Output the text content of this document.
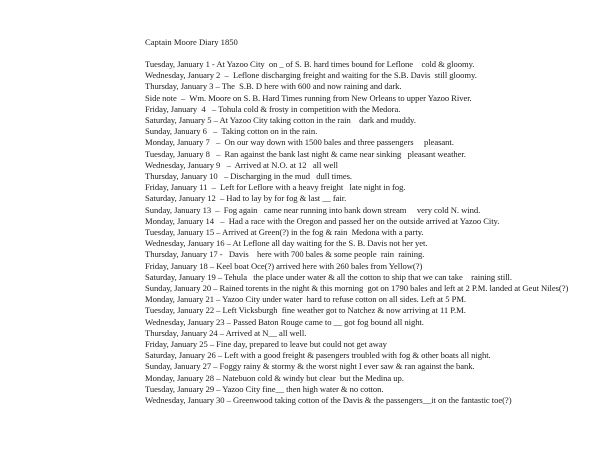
Captain Moore Diary 1850

Tuesday, January 1 - At Yazoo City  on _ of S. B. hard times bound for Leflone    cold & gloomy.

Wednesday, January 2  –  Leflone discharging freight and waiting for the S.B. Davis  still gloomy.

Thursday, January 3 – The  S.B. D here with 600 and now raining and dark.

Side note  –  Wm. Moore on S. B. Hard Times running from New Orleans to upper Yazoo River.

Friday, January  4   – Tohula cold & frosty in competition with the Medora.

Saturday, January 5 – At Yazoo City taking cotton in the rain    dark and muddy.

Sunday, January 6   –  Taking cotton on in the rain.

Monday, January 7   –  On our way down with 1500 bales and three passengers     pleasant.

Tuesday, January 8   –  Ran against the bank last night & came near sinking   pleasant weather.

Wednesday, January 9   –  Arrived at N.O. at 12   all well

Thursday, January 10   – Discharging in the mud   dull times.

Friday, January 11  –  Left for Leflore with a heavy freight   late night in fog.

Saturday, January 12  – Had to lay by for fog & last __ fair.

Sunday, January 13  –  Fog again   came near running into bank down stream     very cold N. wind.

Monday, January 14   –  Had a race with the Oregon and passed her on the outside arrived at Yazoo City.

Tuesday, January 15 – Arrived at Green(?) in the fog & rain  Medona with a party.

Wednesday, January 16 – At Leflone all day waiting for the S. B. Davis not her yet.

Thursday, January 17 -   Davis    here with 700 bales & some people  rain  raining.

Friday, January 18 – Keel boat Oce(?) arrived here with 260 bales from Yellow(?)

Saturday, January 19 – Tehula   the place under water & all the cotton to ship that we can take    raining still.

Sunday, January 20 – Rained torents in the night & this morning  got on 1790 bales and left at 2 P.M. landed at Geut Niles(?)

Monday, January 21 – Yazoo City under water  hard to refuse cotton on all sides. Left at 5 PM.

Tuesday, January 22 – Left Vicksburgh  fine weather got to Natchez & now arriving at 11 P.M.

Wednesday, January 23 – Passed Baton Rouge came to __ got fog bound all night.

Thursday, January 24 – Arrived at N__ all well.

Friday, January 25 – Fine day, prepared to leave but could not get away

Saturday, January 26 – Left with a good freight & pasengers troubled with fog & other boats all night.

Sunday, January 27 – Foggy rainy & stormy & the worst night I ever saw & ran against the bank.

Monday, January 28 – Natebuon cold & windy but clear  but the Medina up.

Tuesday, January 29 – Yazoo City fine__ then high water & no cotton.

Wednesday, January 30 – Greenwood taking cotton of the Davis & the passengers__it on the fantastic toe(?)
